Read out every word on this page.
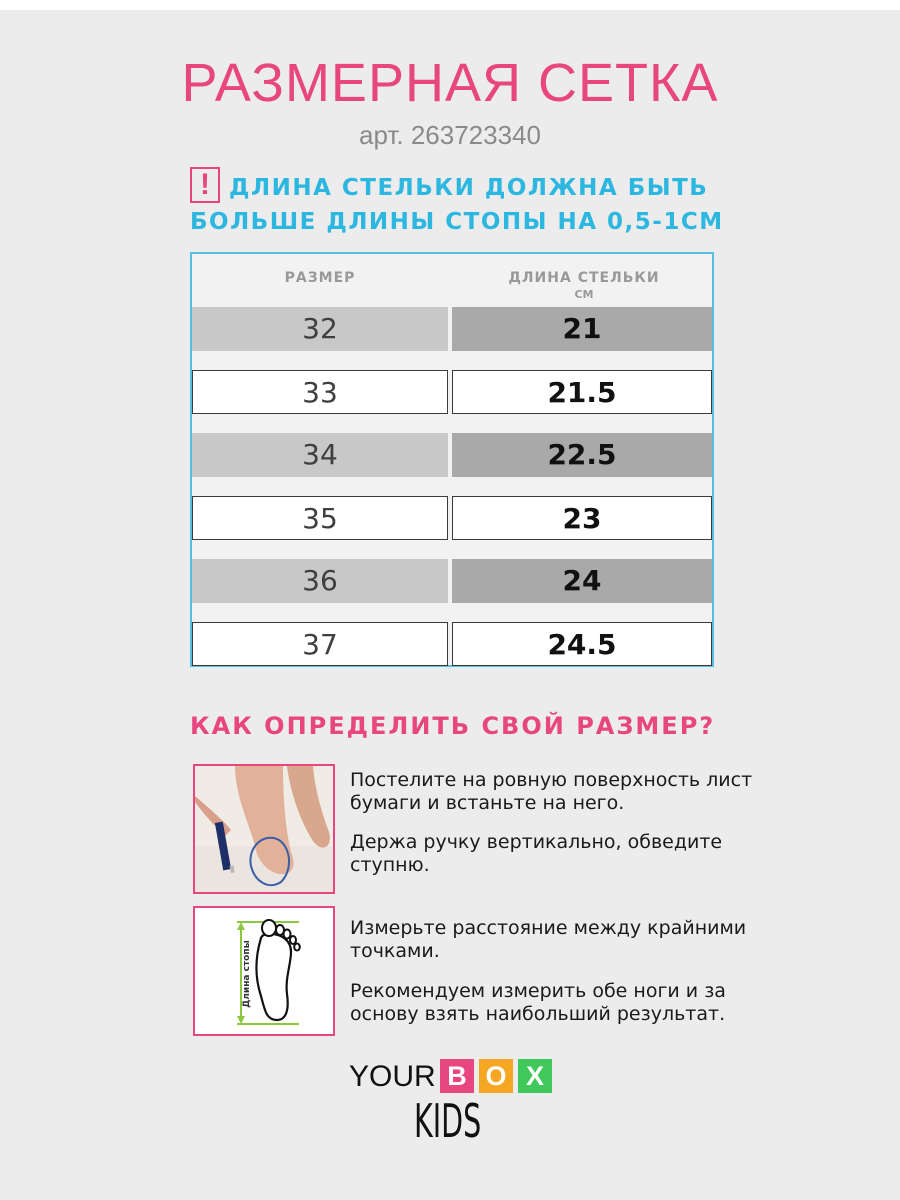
РАЗМЕРНАЯ СЕТКА
арт. 263723340
! ДЛИНА СТЕЛЬКИ ДОЛЖНА БЫТЬ
БОЛЬШЕ ДЛИНЫ СТОПЫ НА 0,5-1СМ
РАЗМЕР	ДЛИНА СТЕЛЬКИ
СМ
32	21
33	21.5
34	22.5
35	23
36	24
37	24.5
КАК ОПРЕДЕЛИТЬ СВОЙ РАЗМЕР?
Длина стопы
Постелите на ровную поверхность лист бумаги и встаньте на него.
Держа ручку вертикально, обведите ступню.
Измерьте расстояние между крайними точками.
Рекомендуем измерить обе ноги и за основу взять наибольший результат.
YOUR B O X
KIDS
